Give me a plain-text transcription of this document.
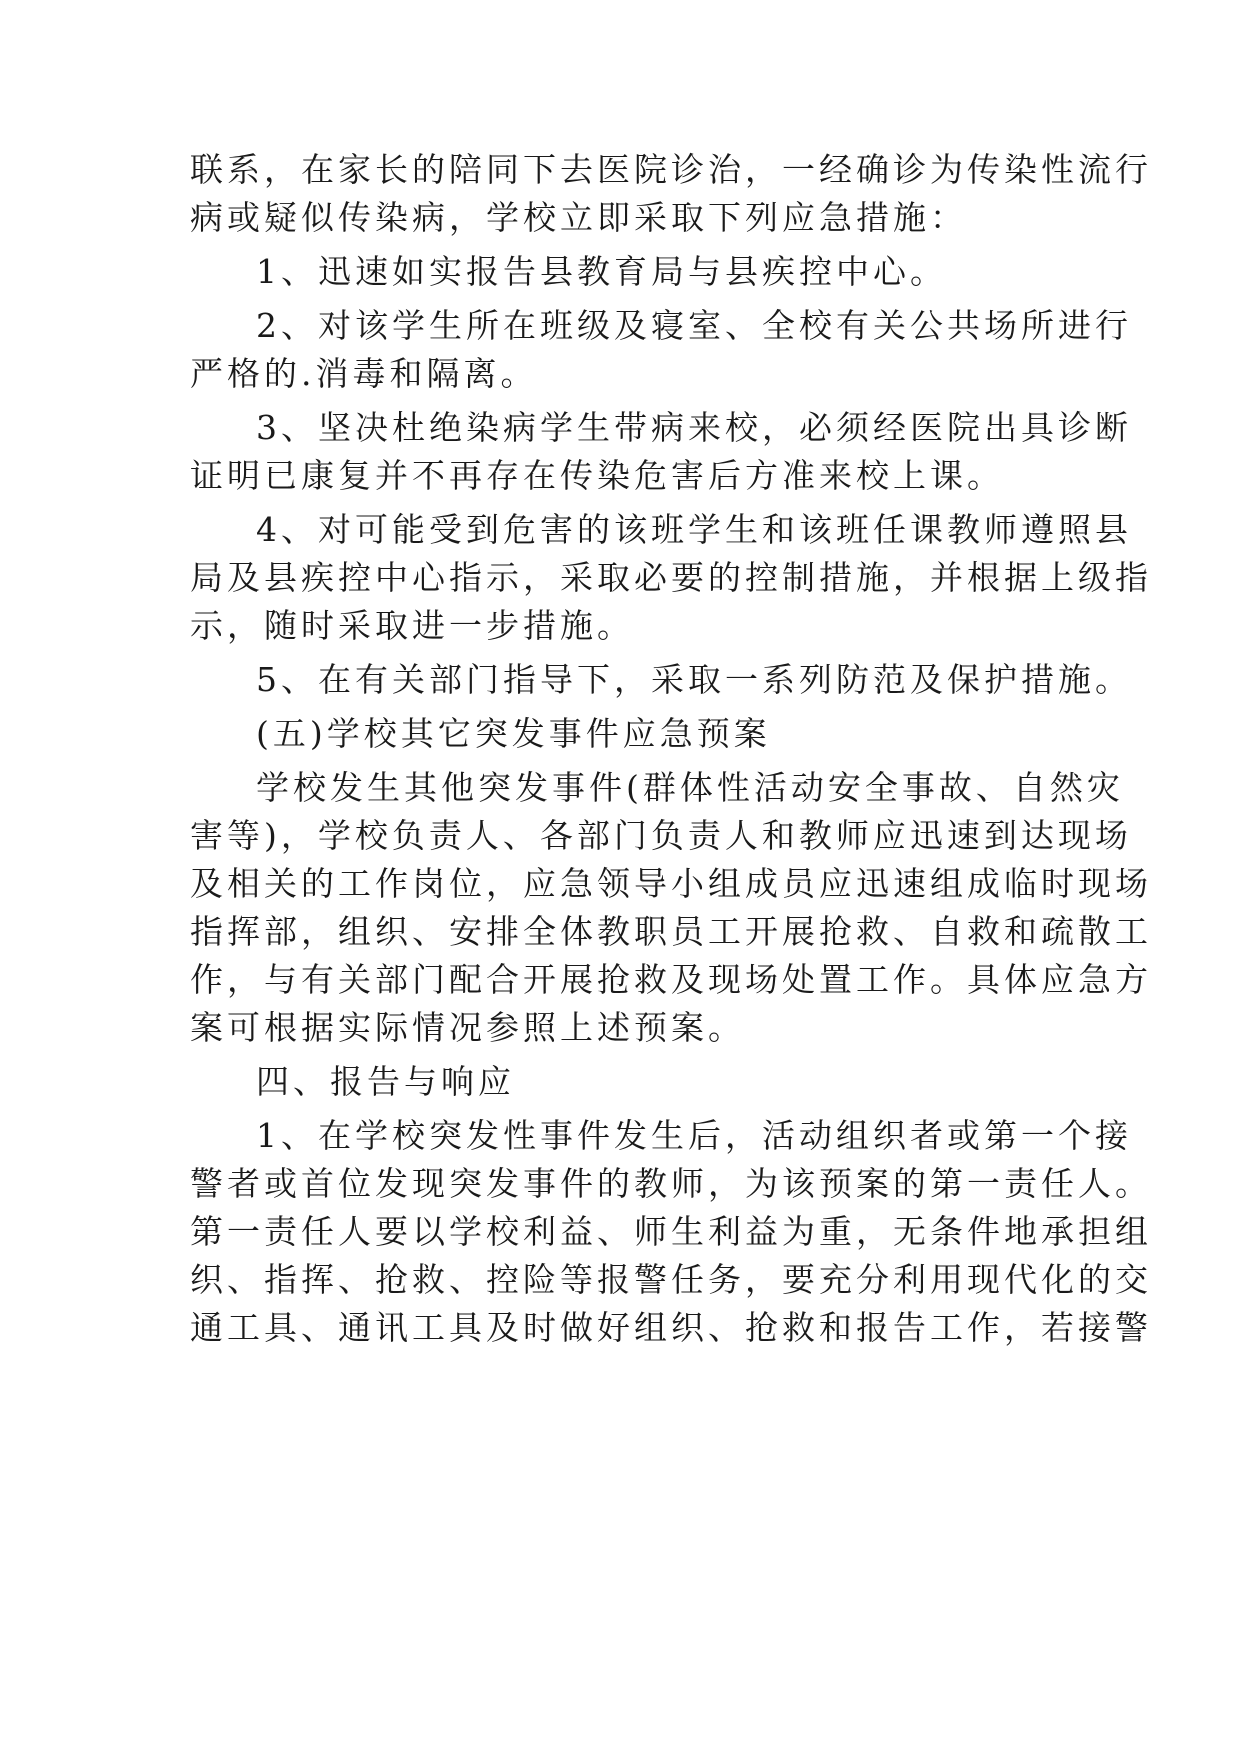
联系，在家长的陪同下去医院诊治，一经确诊为传染性流行
病或疑似传染病，学校立即采取下列应急措施：
1、迅速如实报告县教育局与县疾控中心。
2、对该学生所在班级及寝室、全校有关公共场所进行
严格的.消毒和隔离。
3、坚决杜绝染病学生带病来校，必须经医院出具诊断
证明已康复并不再存在传染危害后方准来校上课。
4、对可能受到危害的该班学生和该班任课教师遵照县
局及县疾控中心指示，采取必要的控制措施，并根据上级指
示，随时采取进一步措施。
5、在有关部门指导下，采取一系列防范及保护措施。
(五)学校其它突发事件应急预案
学校发生其他突发事件(群体性活动安全事故、自然灾
害等)，学校负责人、各部门负责人和教师应迅速到达现场
及相关的工作岗位，应急领导小组成员应迅速组成临时现场
指挥部，组织、安排全体教职员工开展抢救、自救和疏散工
作，与有关部门配合开展抢救及现场处置工作。具体应急方
案可根据实际情况参照上述预案。
四、报告与响应
1、在学校突发性事件发生后，活动组织者或第一个接
警者或首位发现突发事件的教师，为该预案的第一责任人。
第一责任人要以学校利益、师生利益为重，无条件地承担组
织、指挥、抢救、控险等报警任务，要充分利用现代化的交
通工具、通讯工具及时做好组织、抢救和报告工作，若接警
